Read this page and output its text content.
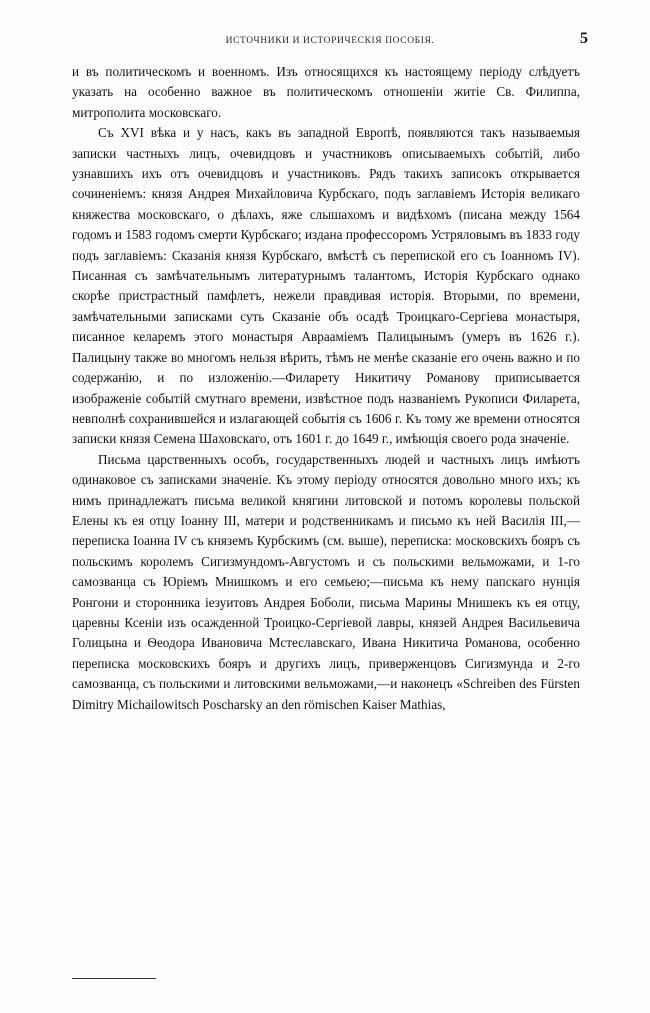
ИСТОЧНИКИ И ИСТОРИЧЕСКІЯ ПОСОБІЯ.	5

и въ политическомъ и военномъ. Изъ относящихся къ настоящему періоду слѣдуетъ указать на особенно важное въ политическомъ отношеніи житіе Св. Филиппа, митрополита московскаго.

Съ XVI вѣка и у насъ, какъ въ западной Европѣ, появляются такъ называемыя записки частныхъ лицъ, очевидцовъ и участниковъ описываемыхъ событій, либо узнавшихъ ихъ отъ очевидцовъ и участниковъ. Рядъ такихъ записокъ открывается сочиненіемъ: князя Андрея Михайловича Курбскаго, подъ заглавіемъ Исторія великаго княжества московскаго, о дѣлахъ, яже слышахомъ и видѣхомъ (писана между 1564 годомъ и 1583 годомъ смерти Курбскаго; издана профессоромъ Устряловымъ въ 1833 году подъ заглавіемъ: Сказанія князя Курбскаго, вмѣстѣ съ перепиской его съ Іоанномъ IV). Писанная съ замѣчательнымъ литературнымъ талантомъ, Исторія Курбскаго однако скорѣе пристрастный памфлетъ, нежели правдивая исторія. Вторыми, по времени, замѣчательными записками суть Сказаніе объ осадѣ Троицкаго-Сергіева монастыря, писанное келаремъ этого монастыря Авраамiемъ Палицынымъ (умеръ въ 1626 г.). Палицыну также во многомъ нельзя вѣрить, тѣмъ не менѣе сказаніе его очень важно и по содержанію, и по изложенію.—Филарету Никитичу Романову приписывается изображеніе событій смутнаго времени, извѣстное подъ названіемъ Рукописи Филарета, невполнѣ сохранившейся и излагающей событія съ 1606 г. Къ тому же времени относятся записки князя Семена Шаховскаго, отъ 1601 г. до 1649 г., имѣющія своего рода значеніе.

Письма царственныхъ особъ, государственныхъ людей и частныхъ лицъ имѣютъ одинаковое съ записками значеніе. Къ этому періоду относятся довольно много ихъ; къ нимъ принадлежатъ письма великой княгини литовской и потомъ королевы польской Елены къ ея отцу Іоанну III, матери и родственникамъ и письмо къ ней Василія III,—переписка Іоанна IV съ княземъ Курбскимъ (см. выше), переписка: московскихъ бояръ съ польскимъ королемъ Сигизмундомъ-Августомъ и съ польскими вельможами, и 1-го самозванца съ Юріемъ Мнишкомъ и его семьею;—письма къ нему папскаго нунція Ронгони и сторонника іезуитовъ Андрея Боболи, письма Марины Мнишекъ къ ея отцу, царевны Ксеніи изъ осажденной Троицко-Сергіевой лавры, князей Андрея Васильевича Голицына и Ѳеодора Ивановича Мстеславскаго, Ивана Никитича Романова, особенно переписка московскихъ бояръ и другихъ лицъ, приверженцовъ Сигизмунда и 2-го самозванца, съ польскими и литовскими вельможами,—и наконецъ «Schreiben des Fürsten Dimitry Michailowitsch Poscharsky an den römischen Kaiser Mathias,
